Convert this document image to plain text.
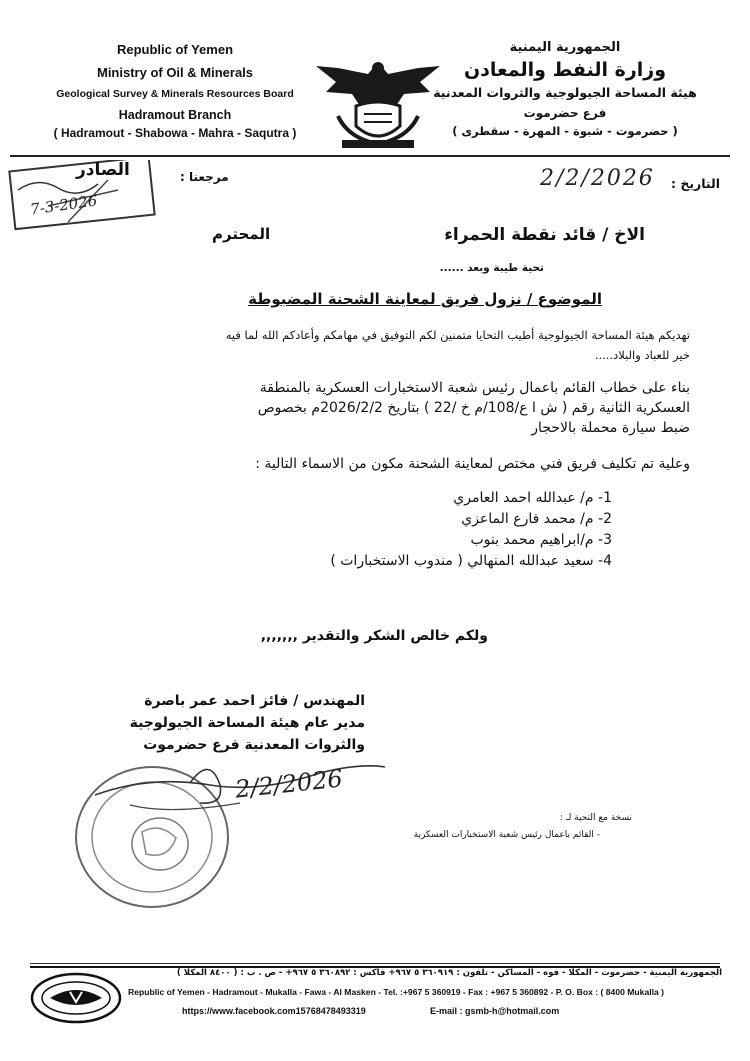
Republic of Yemen
Ministry of Oil & Minerals
Geological Survey & Minerals Resources Board
Hadramout Branch
( Hadramout - Shabowa - Mahra - Saqutra )
الجمهورية اليمنية
وزارة النفط والمعادن
هيئة المساحة الجيولوجية والثروات المعدنية
فرع حضرموت
( حضرموت - شبوة - المهرة - سقطرى )
مرجعنا :
الصادر
7-3-2026
2/2/2026 التاريخ :
الاخ / قائد نقطة الحمراء
المحترم
تحية طيبة وبعد ......
الموضوع / نزول فريق لمعاينة الشحنة المضبوطة
تهديكم هيئة المساحة الجيولوجية أطيب التحايا متمنين لكم التوفيق في مهامكم وأعادكم الله لما فيه
خير للعباد والبلاد.....
بناء على خطاب القائم باعمال رئيس شعبة الاستخبارات العسكرية بالمنطقة
العسكرية الثانية رقم ( ش ا ع/108/م خ /22 ) بتاريخ 2026/2/2م بخصوص
ضبط سيارة محملة بالاحجار
وعلية تم تكليف فريق فني مختص لمعاينة الشحنة مكون من الاسماء التالية :
1- م/ عبدالله احمد العامري
2- م/ محمد فارع الماعزي
3- م/ابراهيم محمد بنوب
4- سعيد عبدالله المنهالي ( مندوب الاستخبارات )
ولكم خالص الشكر والتقدير ,,,,,,,
المهندس / فائز احمد عمر باصرة
مدير عام هيئة المساحة الجيولوجية
والثروات المعدنية فرع حضرموت
2/2/2026
نسخة مع التحية لـ :
- القائم باعمال رئيس شعبة الاستخبارات العسكرية
الجمهورية اليمنية - حضرموت - المكلا - فوه - المساكن - تلفون : ٣٦٠٩١٩ ٥ ٩٦٧+ فاكس : ٣٦٠٨٩٢ ٥ ٩٦٧+ - ص . ب : ( ٨٤٠٠ المكلا )
Republic of Yemen - Hadramout - Mukalla - Fawa - Al Masken - Tel. :+967 5 360919 - Fax : +967 5 360892 - P. O. Box : ( 8400 Mukalla )
https://www.facebook.com15768478493319	E-mail : gsmb-h@hotmail.com
